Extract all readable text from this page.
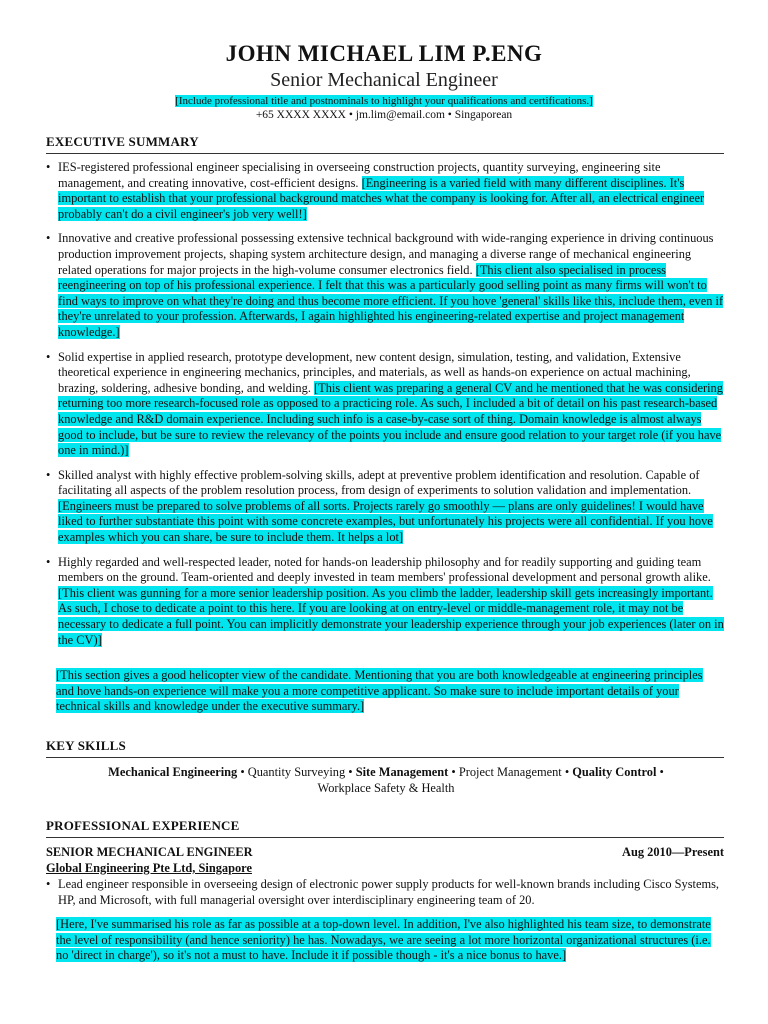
JOHN MICHAEL LIM P.ENG
Senior Mechanical Engineer
[Include professional title and postnominals to highlight your qualifications and certifications.]
+65 XXXX XXXX • jm.lim@email.com • Singaporean
EXECUTIVE SUMMARY
• IES-registered professional engineer specialising in overseeing construction projects, quantity surveying, engineering site management, and creating innovative, cost-efficient designs. [Engineering is a varied field with many different disciplines. It's important to establish that your professional background matches what the company is looking for. After all, an electrical engineer probably can't do a civil engineer's job very well!]
• Innovative and creative professional possessing extensive technical background with wide-ranging experience in driving continuous production improvement projects, shaping system architecture design, and managing a diverse range of mechanical engineering related operations for major projects in the high-volume consumer electronics field. [This client also specialised in process reengineering on top of his professional experience. I felt that this was a particularly good selling point as many firms will won't to find ways to improve on what they're doing and thus become more efficient. If you hove 'general' skills like this, include them, even if they're unrelated to your profession. Afterwards, I again highlighted his engineering-related expertise and project management knowledge.]
• Solid expertise in applied research, prototype development, new content design, simulation, testing, and validation, Extensive theoretical experience in engineering mechanics, principles, and materials, as well as hands-on experience on actual machining, brazing, soldering, adhesive bonding, and welding. [This client was preparing a general CV and he mentioned that he was considering returning too more research-focused role as opposed to a practicing role. As such, I included a bit of detail on his past research-based knowledge and R&D domain experience. Including such info is a case-by-case sort of thing. Domain knowledge is almost always good to include, but be sure to review the relevancy of the points you include and ensure good relation to your target role (if you have one in mind.)]
• Skilled analyst with highly effective problem-solving skills, adept at preventive problem identification and resolution. Capable of facilitating all aspects of the problem resolution process, from design of experiments to solution validation and implementation. [Engineers must be prepared to solve problems of all sorts. Projects rarely go smoothly — plans are only guidelines! I would have liked to further substantiate this point with some concrete examples, but unfortunately his projects were all confidential. If you hove examples which you can share, be sure to include them. It helps a lot]
• Highly regarded and well-respected leader, noted for hands-on leadership philosophy and for readily supporting and guiding team members on the ground. Team-oriented and deeply invested in team members' professional development and personal growth alike. [This client was gunning for a more senior leadership position. As you climb the ladder, leadership skill gets increasingly important. As such, I chose to dedicate a point to this here. If you are looking at on entry-level or middle-management role, it may not be necessary to dedicate a full point. You can implicitly demonstrate your leadership experience through your job experiences (later on in the CV)]
[This section gives a good helicopter view of the candidate. Mentioning that you are both knowledgeable at engineering principles and hove hands-on experience will make you a more competitive applicant. So make sure to include important details of your technical skills and knowledge under the executive summary.]
KEY SKILLS
Mechanical Engineering • Quantity Surveying • Site Management • Project Management • Quality Control •
Workplace Safety & Health
PROFESSIONAL EXPERIENCE
SENIOR MECHANICAL ENGINEER	Aug 2010—Present
Global Engineering Pte Ltd, Singapore
• Lead engineer responsible in overseeing design of electronic power supply products for well-known brands including Cisco Systems, HP, and Microsoft, with full managerial oversight over interdisciplinary engineering team of 20.
[Here, I've summarised his role as far as possible at a top-down level. In addition, I've also highlighted his team size, to demonstrate the level of responsibility (and hence seniority) he has. Nowadays, we are seeing a lot more horizontal organizational structures (i.e. no 'direct in charge'), so it's not a must to have. Include it if possible though - it's a nice bonus to have.]
